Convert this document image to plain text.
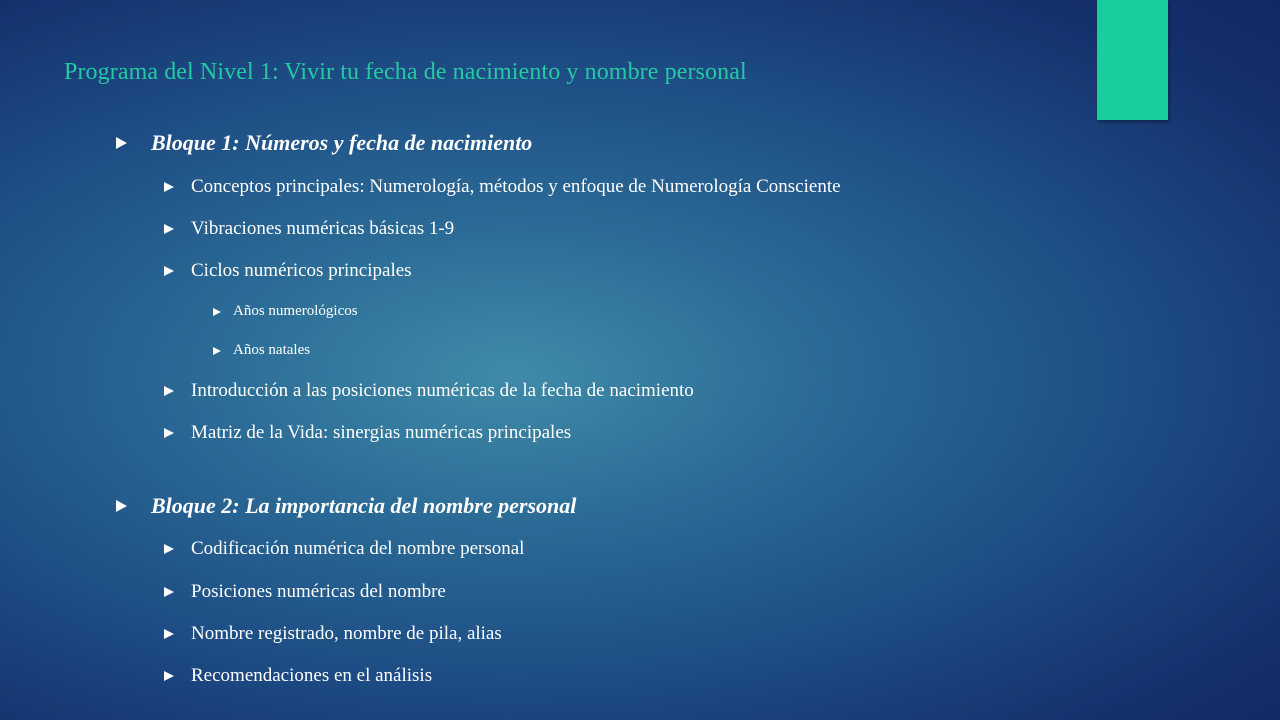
Programa del Nivel 1: Vivir tu fecha de nacimiento y nombre personal
Bloque 1: Números y fecha de nacimiento
Conceptos principales: Numerología, métodos y enfoque de Numerología Consciente
Vibraciones numéricas básicas 1-9
Ciclos numéricos principales
Años numerológicos
Años natales
Introducción a las posiciones numéricas de la fecha de nacimiento
Matriz de la Vida: sinergias numéricas principales
Bloque 2: La importancia del nombre personal
Codificación numérica del nombre personal
Posiciones numéricas del nombre
Nombre registrado, nombre de pila, alias
Recomendaciones en el análisis
